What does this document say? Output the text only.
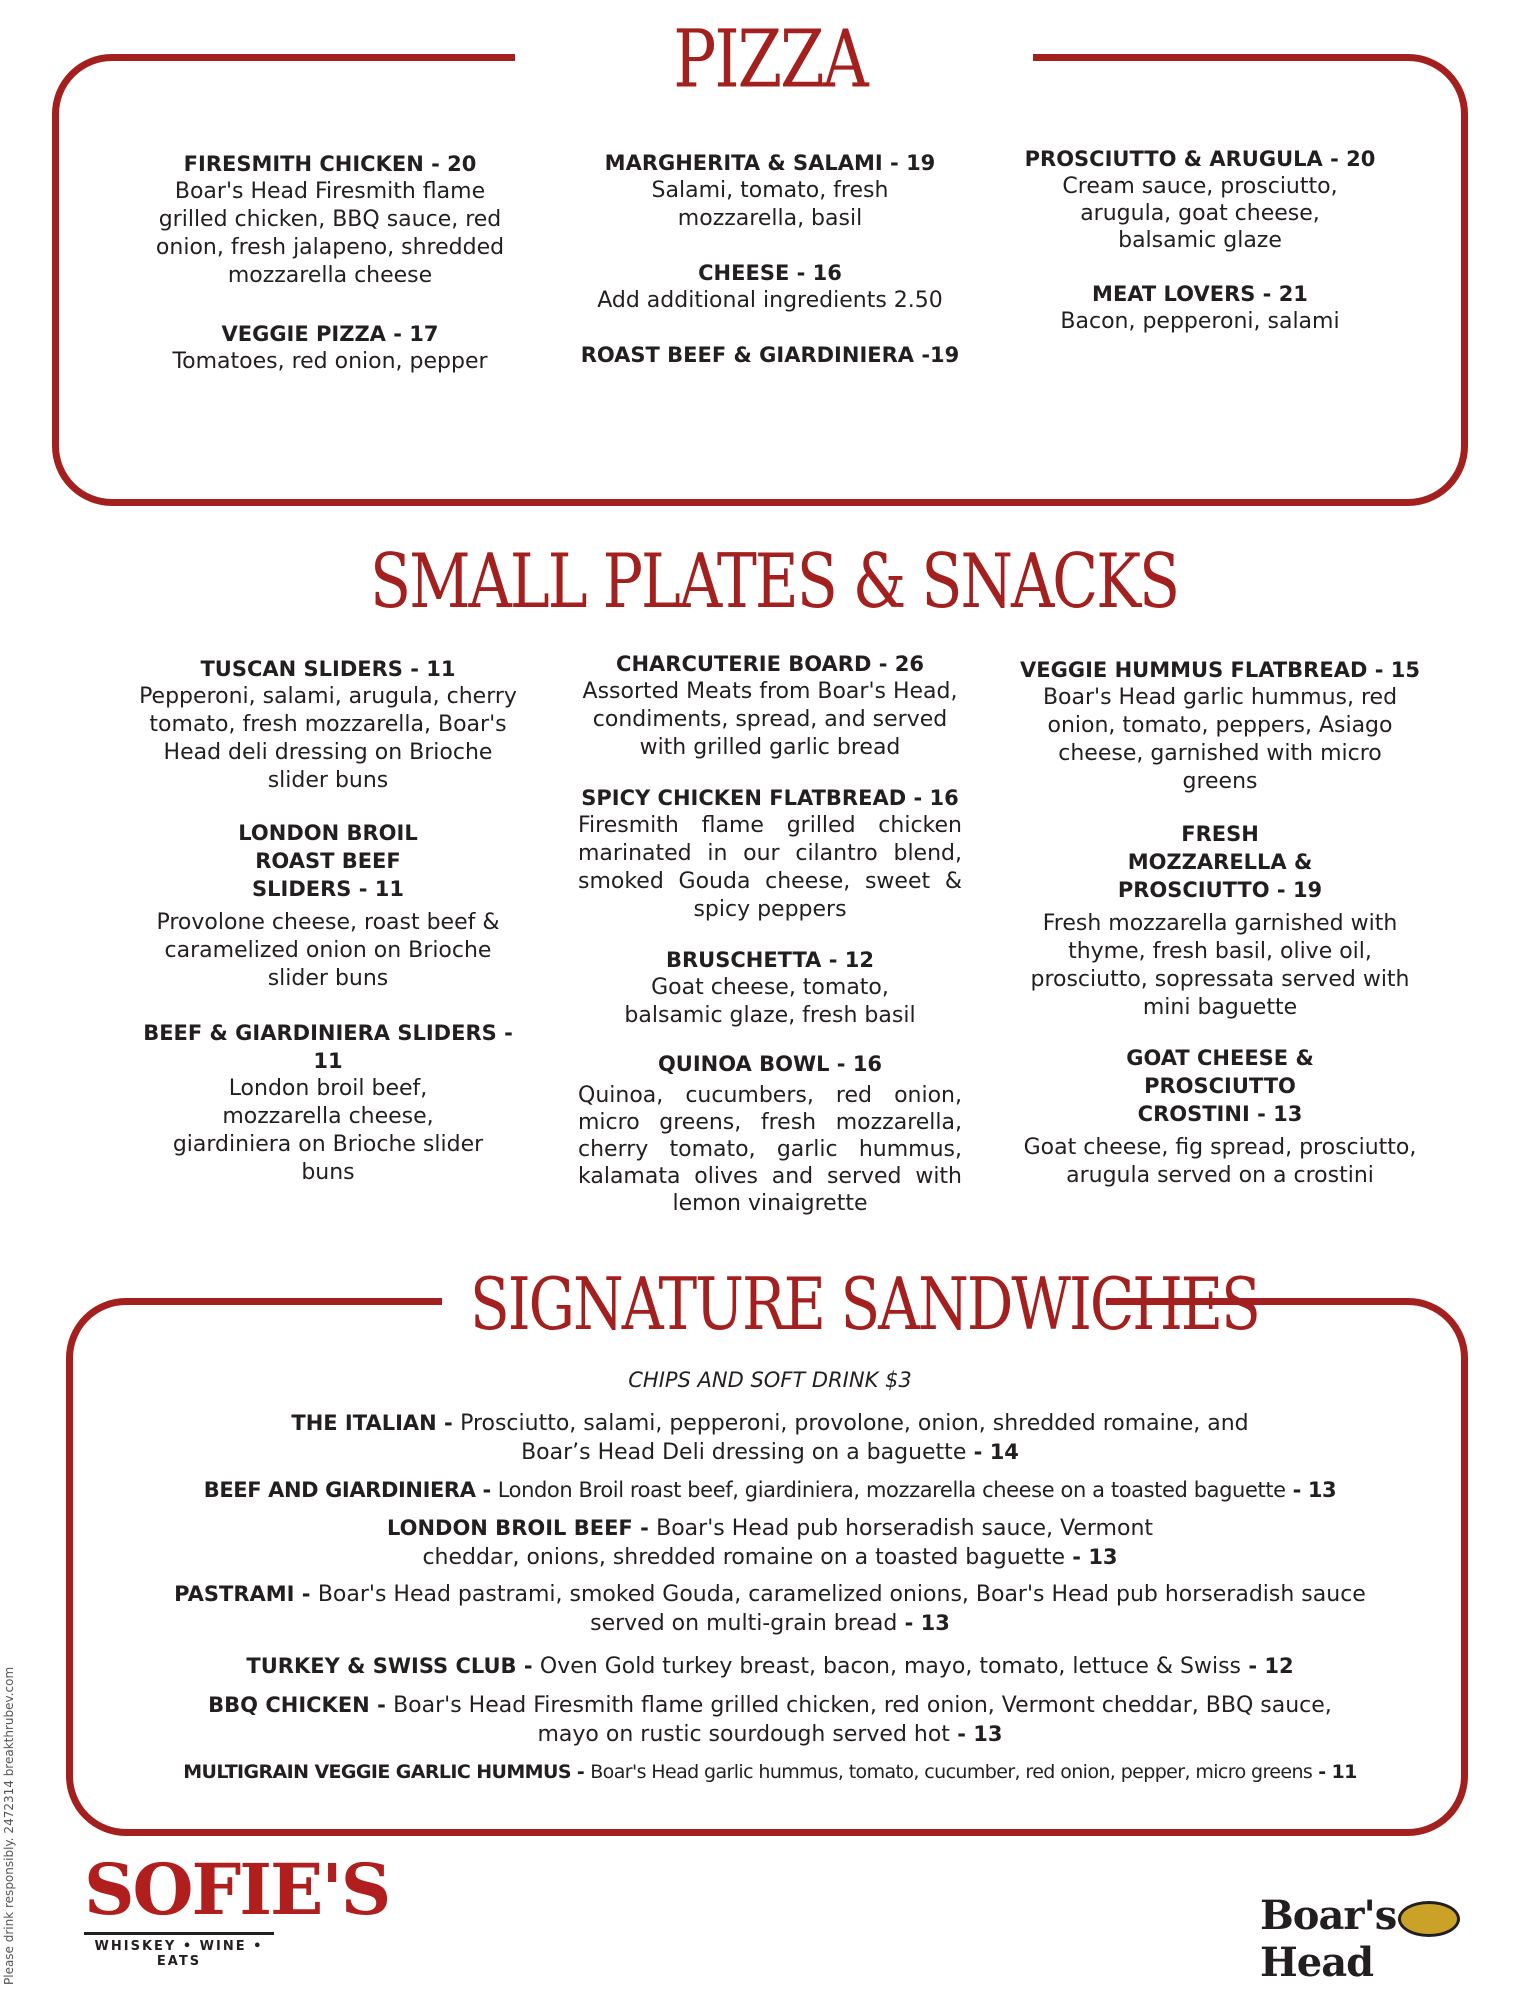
PIZZA
FIRESMITH CHICKEN - 20
Boar's Head Firesmith flame grilled chicken, BBQ sauce, red onion, fresh jalapeno, shredded mozzarella cheese
VEGGIE PIZZA - 17
Tomatoes, red onion, pepper
MARGHERITA & SALAMI - 19
Salami, tomato, fresh mozzarella, basil
CHEESE - 16
Add additional ingredients 2.50
ROAST BEEF & GIARDINIERA -19
PROSCIUTTO & ARUGULA - 20
Cream sauce, prosciutto, arugula, goat cheese, balsamic glaze
MEAT LOVERS - 21
Bacon, pepperoni, salami
SMALL PLATES & SNACKS
TUSCAN SLIDERS - 11
Pepperoni, salami, arugula, cherry tomato, fresh mozzarella, Boar's Head deli dressing on Brioche slider buns
LONDON BROIL ROAST BEEF SLIDERS - 11
Provolone cheese, roast beef & caramelized onion on Brioche slider buns
BEEF & GIARDINIERA SLIDERS - 11
London broil beef, mozzarella cheese, giardiniera on Brioche slider buns
CHARCUTERIE BOARD - 26
Assorted Meats from Boar's Head, condiments, spread, and served with grilled garlic bread
SPICY CHICKEN FLATBREAD - 16
Firesmith flame grilled chicken marinated in our cilantro blend, smoked Gouda cheese, sweet & spicy peppers
BRUSCHETTA - 12
Goat cheese, tomato, balsamic glaze, fresh basil
QUINOA BOWL - 16
Quinoa, cucumbers, red onion, micro greens, fresh mozzarella, cherry tomato, garlic hummus, kalamata olives and served with lemon vinaigrette
VEGGIE HUMMUS FLATBREAD - 15
Boar's Head garlic hummus, red onion, tomato, peppers, Asiago cheese, garnished with micro greens
FRESH MOZZARELLA & PROSCIUTTO - 19
Fresh mozzarella garnished with thyme, fresh basil, olive oil, prosciutto, sopressata served with mini baguette
GOAT CHEESE & PROSCIUTTO CROSTINI - 13
Goat cheese, fig spread, prosciutto, arugula served on a crostini
SIGNATURE SANDWICHES
CHIPS AND SOFT DRINK $3
THE ITALIAN - Prosciutto, salami, pepperoni, provolone, onion, shredded romaine, and Boar’s Head Deli dressing on a baguette - 14
BEEF AND GIARDINIERA - London Broil roast beef, giardiniera, mozzarella cheese on a toasted baguette - 13
LONDON BROIL BEEF - Boar's Head pub horseradish sauce, Vermont cheddar, onions, shredded romaine on a toasted baguette - 13
PASTRAMI - Boar's Head pastrami, smoked Gouda, caramelized onions, Boar's Head pub horseradish sauce served on multi-grain bread - 13
TURKEY & SWISS CLUB - Oven Gold turkey breast, bacon, mayo, tomato, lettuce & Swiss - 12
BBQ CHICKEN - Boar's Head Firesmith flame grilled chicken, red onion, Vermont cheddar, BBQ sauce, mayo on rustic sourdough served hot - 13
MULTIGRAIN VEGGIE GARLIC HUMMUS - Boar's Head garlic hummus, tomato, cucumber, red onion, pepper, micro greens - 11
Please drink responsibly. 2472314 breakthrubev.com SOFIE'S
WHISKEY • WINE • EATS
Boar'sHead
